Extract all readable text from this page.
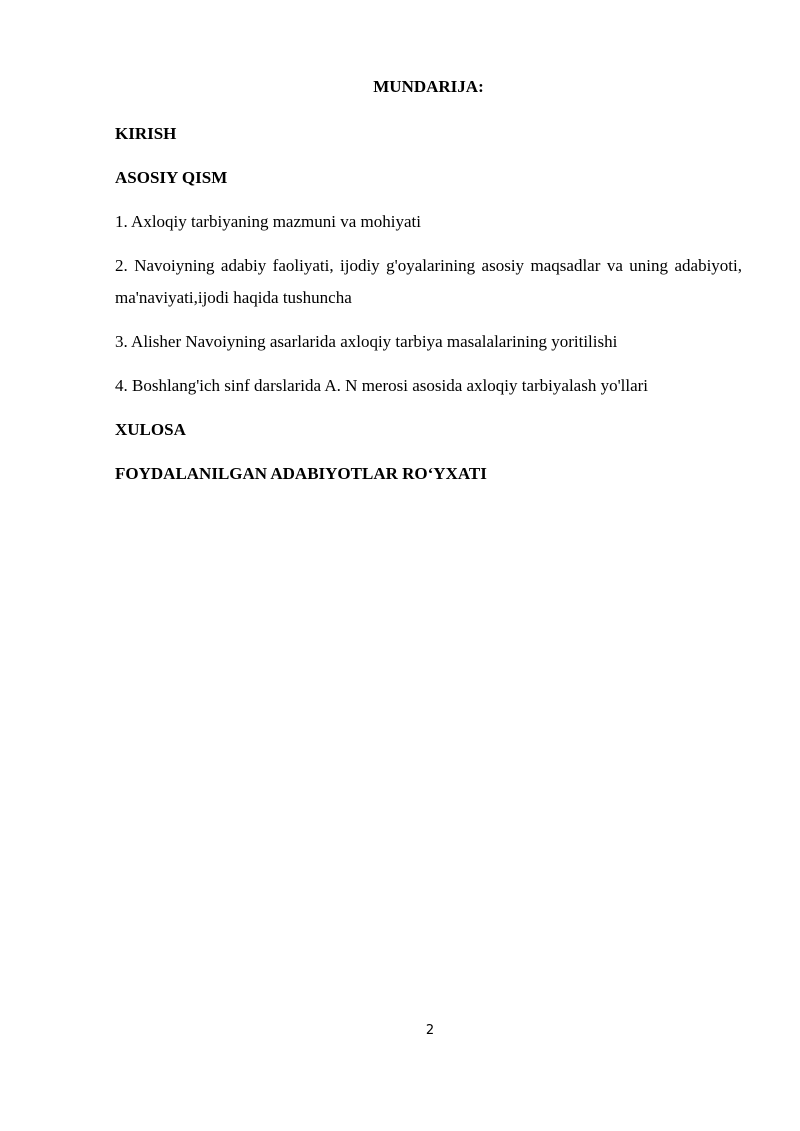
MUNDARIJA:
KIRISH
ASOSIY QISM
1. Axloqiy tarbiyaning mazmuni va mohiyati
2. Navoiyning adabiy faoliyati, ijodiy g'oyalarining asosiy maqsadlar va uning adabiyoti, ma'naviyati,ijodi haqida tushuncha
3. Alisher Navoiyning asarlarida axloqiy tarbiya masalalarining yoritilishi
4. Boshlang'ich sinf darslarida A. N merosi asosida axloqiy tarbiyalash yo'llari
XULOSA
FOYDALANILGAN ADABIYOTLAR RO‘YXATI
2
